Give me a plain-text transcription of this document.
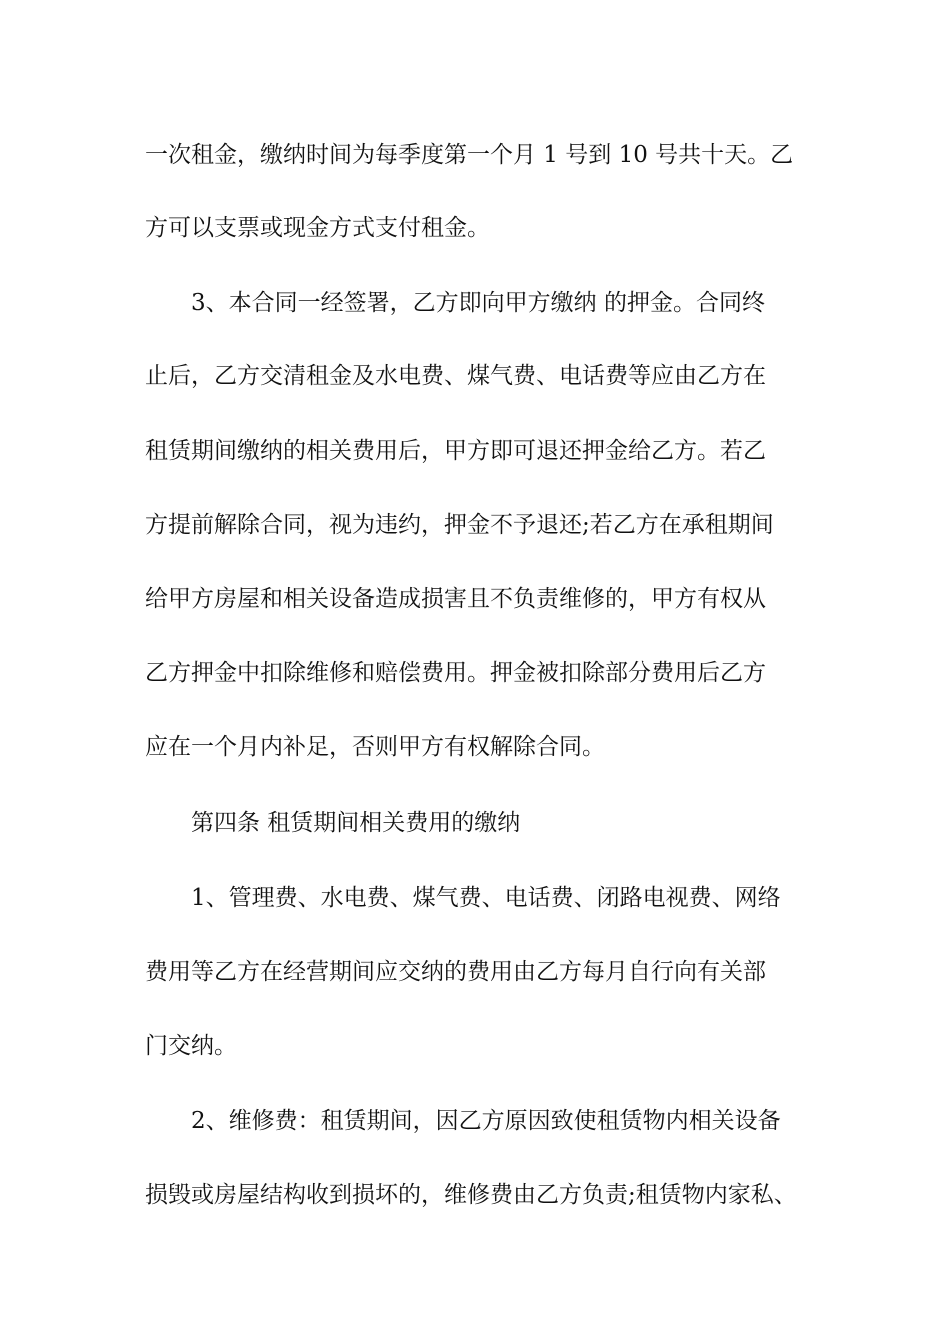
一次租金，缴纳时间为每季度第一个月 1 号到 10 号共十天。乙
方可以支票或现金方式支付租金。
3、本合同一经签署，乙方即向甲方缴纳 的押金。合同终
止后，乙方交清租金及水电费、煤气费、电话费等应由乙方在
租赁期间缴纳的相关费用后，甲方即可退还押金给乙方。若乙
方提前解除合同，视为违约，押金不予退还;若乙方在承租期间
给甲方房屋和相关设备造成损害且不负责维修的，甲方有权从
乙方押金中扣除维修和赔偿费用。押金被扣除部分费用后乙方
应在一个月内补足，否则甲方有权解除合同。
第四条 租赁期间相关费用的缴纳
1、管理费、水电费、煤气费、电话费、闭路电视费、网络
费用等乙方在经营期间应交纳的费用由乙方每月自行向有关部
门交纳。
2、维修费：租赁期间，因乙方原因致使租赁物内相关设备
损毁或房屋结构收到损坏的，维修费由乙方负责;租赁物内家私、
